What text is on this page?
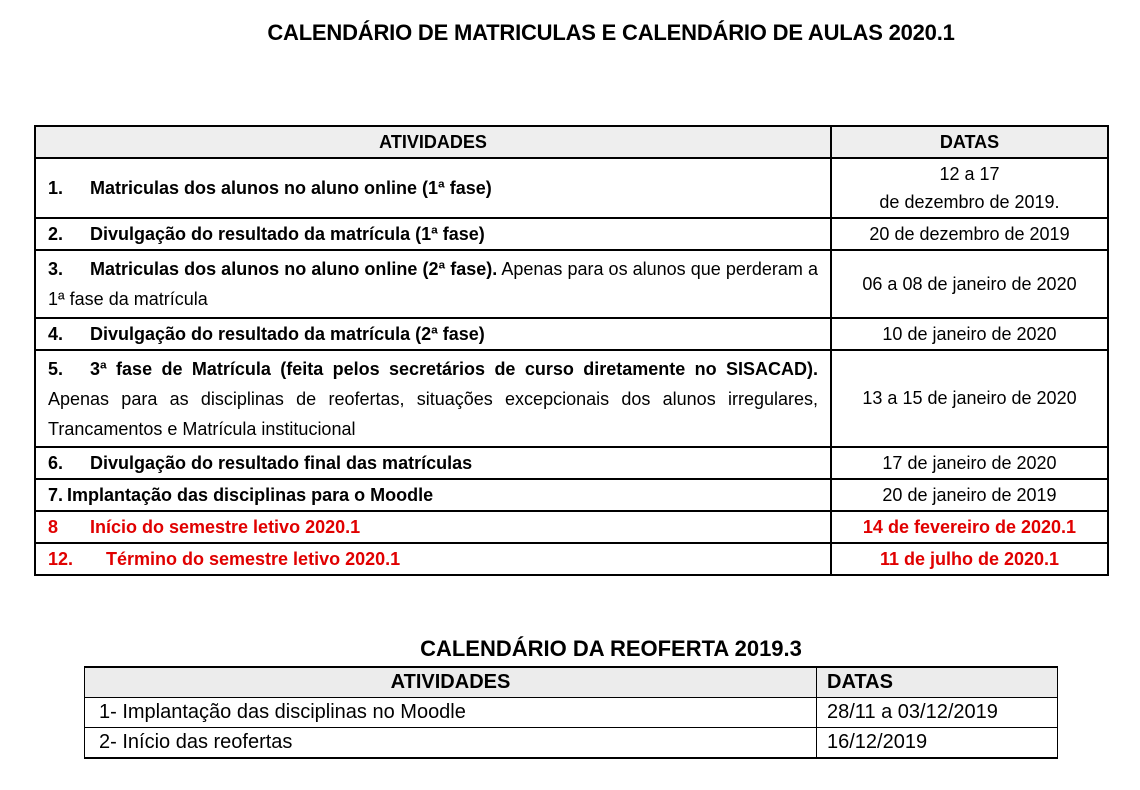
CALENDÁRIO DE MATRICULAS E CALENDÁRIO DE AULAS 2020.1
ATIVIDADES	DATAS
1. Matriculas dos alunos no aluno online (1ª fase)	12 a 17
de dezembro de 2019.

2. Divulgação do resultado da matrícula (1ª fase)	20 de dezembro de 2019
3. Matriculas dos alunos no aluno online (2ª fase). Apenas para os alunos que perderam a 1ª fase da matrícula	06 a 08 de janeiro de 2020
4. Divulgação do resultado da matrícula (2ª fase)	10 de janeiro de 2020
5. 3ª fase de Matrícula (feita pelos secretários de curso diretamente no SISACAD). Apenas para as disciplinas de reofertas, situações excepcionais dos alunos irregulares, Trancamentos e Matrícula institucional	13 a 15 de janeiro de 2020
6. Divulgação do resultado final das matrículas	17 de janeiro de 2020
7. Implantação das disciplinas para o Moodle	20 de janeiro de 2019
8 Início do semestre letivo 2020.1	14 de fevereiro de 2020.1
12. Término do semestre letivo 2020.1	11 de julho de 2020.1
CALENDÁRIO DA REOFERTA 2019.3
ATIVIDADES	DATAS
1- Implantação das disciplinas no Moodle	28/11 a 03/12/2019
2- Início das reofertas	16/12/2019
